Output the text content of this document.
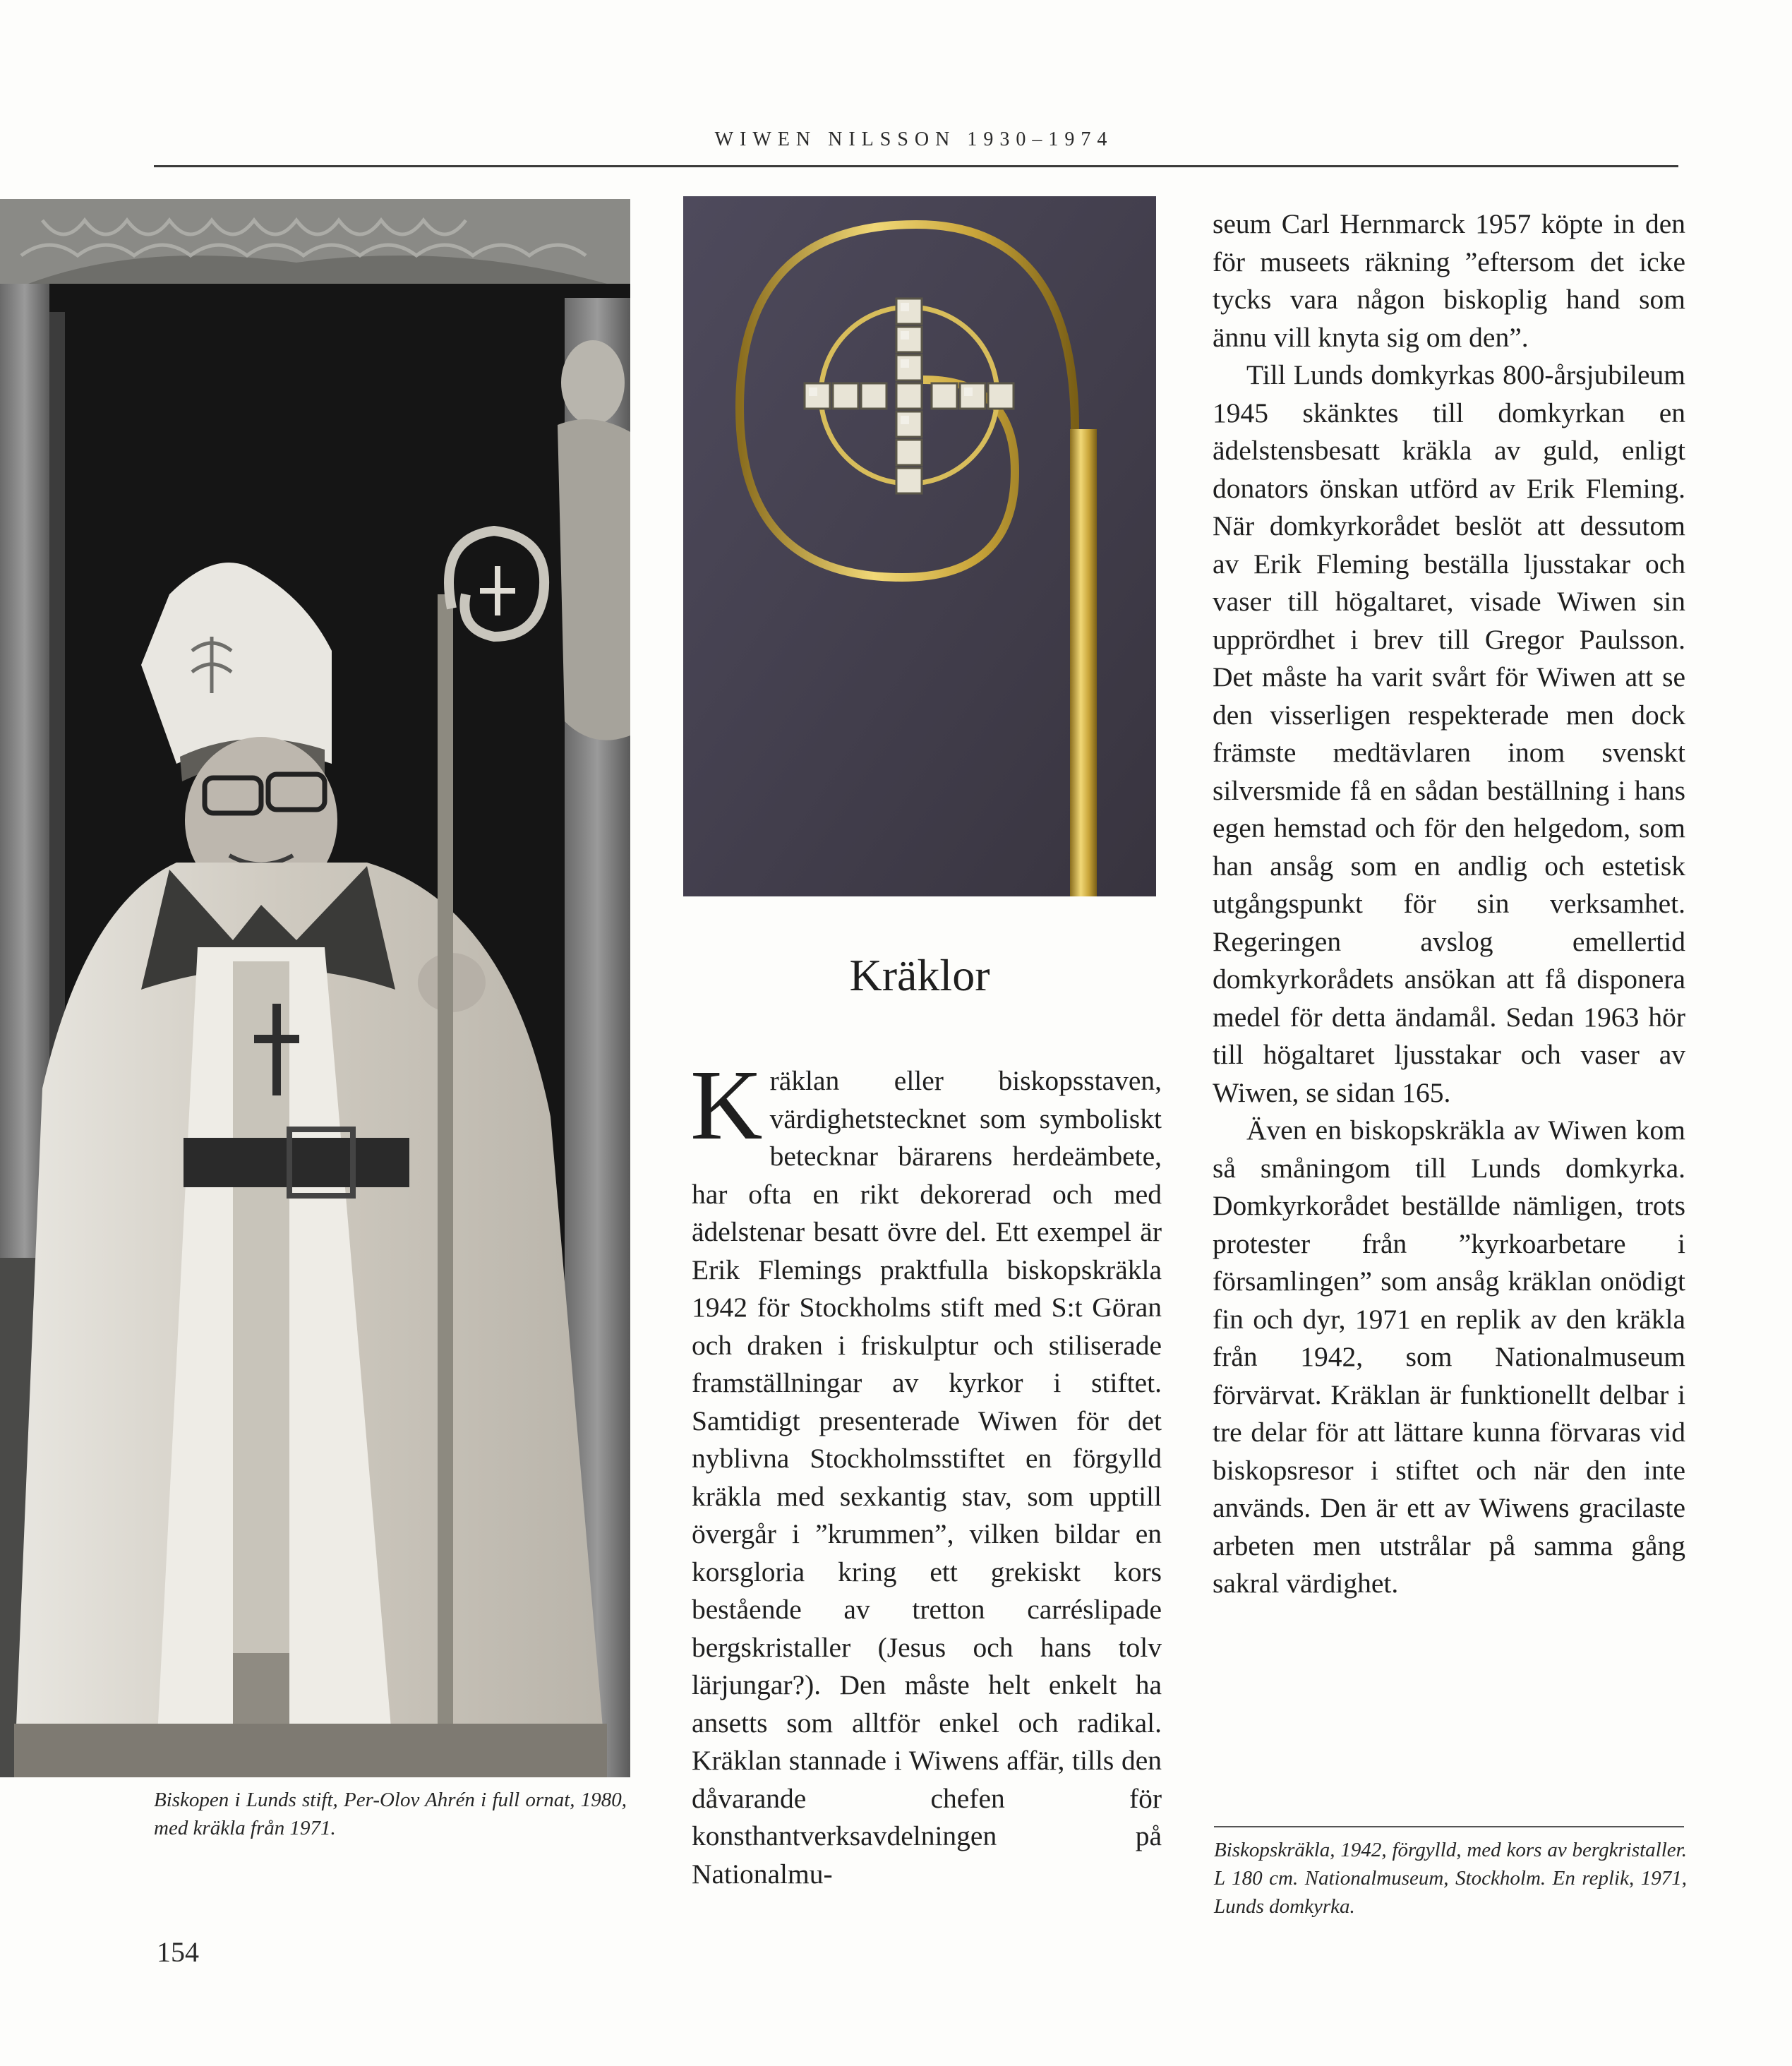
WIWEN NILSSON 1930–1974
Biskopen i Lunds stift, Per-Olov Ahrén i full ornat, 1980, med kräkla från 1971.
Kräklor

Kräklan eller biskopsstaven, värdighetstecknet som symboliskt betecknar bärarens herdeämbete, har ofta en rikt dekorerad och med ädelstenar besatt övre del. Ett exempel är Erik Flemings praktfulla biskopskräkla 1942 för Stockholms stift med S:t Göran och draken i friskulptur och stiliserade framställningar av kyrkor i stiftet. Samtidigt presenterade Wiwen för det nyblivna Stockholmsstiftet en förgylld kräkla med sexkantig stav, som upptill övergår i ”krummen”, vilken bildar en korsgloria kring ett grekiskt kors bestående av tretton carréslipade bergskristaller (Jesus och hans tolv lärjungar?). Den måste helt enkelt ha ansetts som alltför enkel och radikal. Kräklan stannade i Wiwens affär, tills den dåvarande chefen för konsthantverksavdelningen på Nationalmu-

seum Carl Hernmarck 1957 köpte in den för museets räkning ”eftersom det icke tycks vara någon biskoplig hand som ännu vill knyta sig om den”.

Till Lunds domkyrkas 800-årsjubileum 1945 skänktes till domkyrkan en ädelstensbesatt kräkla av guld, enligt donators önskan utförd av Erik Fleming. När domkyrkorådet beslöt att dessutom av Erik Fleming beställa ljusstakar och vaser till högaltaret, visade Wiwen sin upprördhet i brev till Gregor Paulsson. Det måste ha varit svårt för Wiwen att se den visserligen respekterade men dock främste medtävlaren inom svenskt silversmide få en sådan beställning i hans egen hemstad och för den helgedom, som han ansåg som en andlig och estetisk utgångspunkt för sin verksamhet. Regeringen avslog emellertid domkyrkorådets ansökan att få disponera medel för detta ändamål. Sedan 1963 hör till högaltaret ljusstakar och vaser av Wiwen, se sidan 165.

Även en biskopskräkla av Wiwen kom så småningom till Lunds domkyrka. Domkyrkorådet beställde nämligen, trots protester från ”kyrkoarbetare i församlingen” som ansåg kräklan onödigt fin och dyr, 1971 en replik av den kräkla från 1942, som Nationalmuseum förvärvat. Kräklan är funktionellt delbar i tre delar för att lättare kunna förvaras vid biskopsresor i stiftet och när den inte används. Den är ett av Wiwens gracilaste arbeten men utstrålar på samma gång sakral värdighet.

Biskopskräkla, 1942, förgylld, med kors av bergkristaller. L 180 cm. Nationalmuseum, Stockholm. En replik, 1971, Lunds domkyrka.
154
